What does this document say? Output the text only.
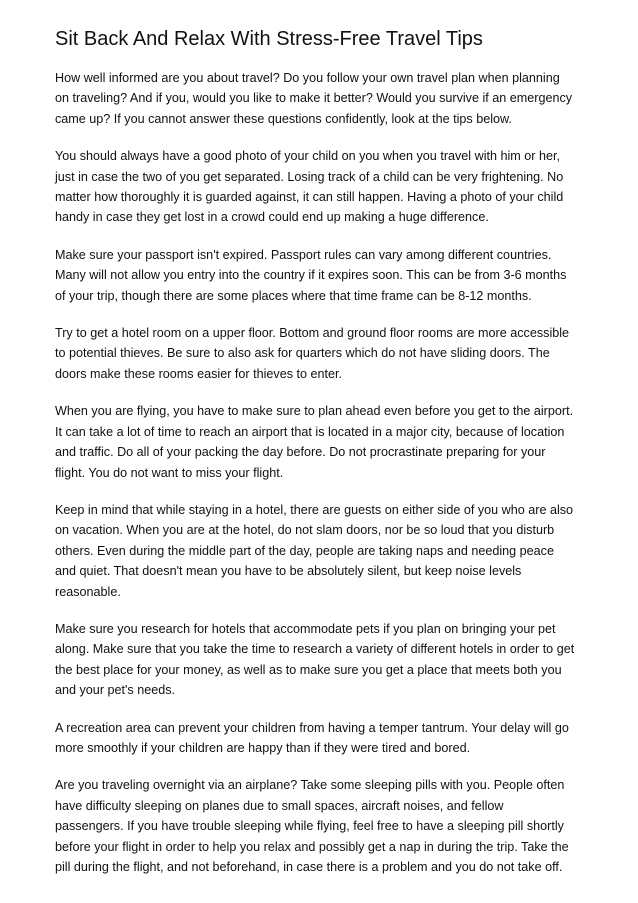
Sit Back And Relax With Stress-Free Travel Tips

How well informed are you about travel? Do you follow your own travel plan when planning
on traveling? And if you, would you like to make it better? Would you survive if an emergency
came up? If you cannot answer these questions confidently, look at the tips below.

You should always have a good photo of your child on you when you travel with him or her,
just in case the two of you get separated. Losing track of a child can be very frightening. No
matter how thoroughly it is guarded against, it can still happen. Having a photo of your child
handy in case they get lost in a crowd could end up making a huge difference.

Make sure your passport isn't expired. Passport rules can vary among different countries.
Many will not allow you entry into the country if it expires soon. This can be from 3-6 months
of your trip, though there are some places where that time frame can be 8-12 months.

Try to get a hotel room on a upper floor. Bottom and ground floor rooms are more accessible
to potential thieves. Be sure to also ask for quarters which do not have sliding doors. The
doors make these rooms easier for thieves to enter.

When you are flying, you have to make sure to plan ahead even before you get to the airport.
It can take a lot of time to reach an airport that is located in a major city, because of location
and traffic. Do all of your packing the day before. Do not procrastinate preparing for your
flight. You do not want to miss your flight.

Keep in mind that while staying in a hotel, there are guests on either side of you who are also
on vacation. When you are at the hotel, do not slam doors, nor be so loud that you disturb
others. Even during the middle part of the day, people are taking naps and needing peace
and quiet. That doesn't mean you have to be absolutely silent, but keep noise levels
reasonable.

Make sure you research for hotels that accommodate pets if you plan on bringing your pet
along. Make sure that you take the time to research a variety of different hotels in order to get
the best place for your money, as well as to make sure you get a place that meets both you
and your pet's needs.

A recreation area can prevent your children from having a temper tantrum. Your delay will go
more smoothly if your children are happy than if they were tired and bored.

Are you traveling overnight via an airplane? Take some sleeping pills with you. People often
have difficulty sleeping on planes due to small spaces, aircraft noises, and fellow
passengers. If you have trouble sleeping while flying, feel free to have a sleeping pill shortly
before your flight in order to help you relax and possibly get a nap in during the trip. Take the
pill during the flight, and not beforehand, in case there is a problem and you do not take off.
